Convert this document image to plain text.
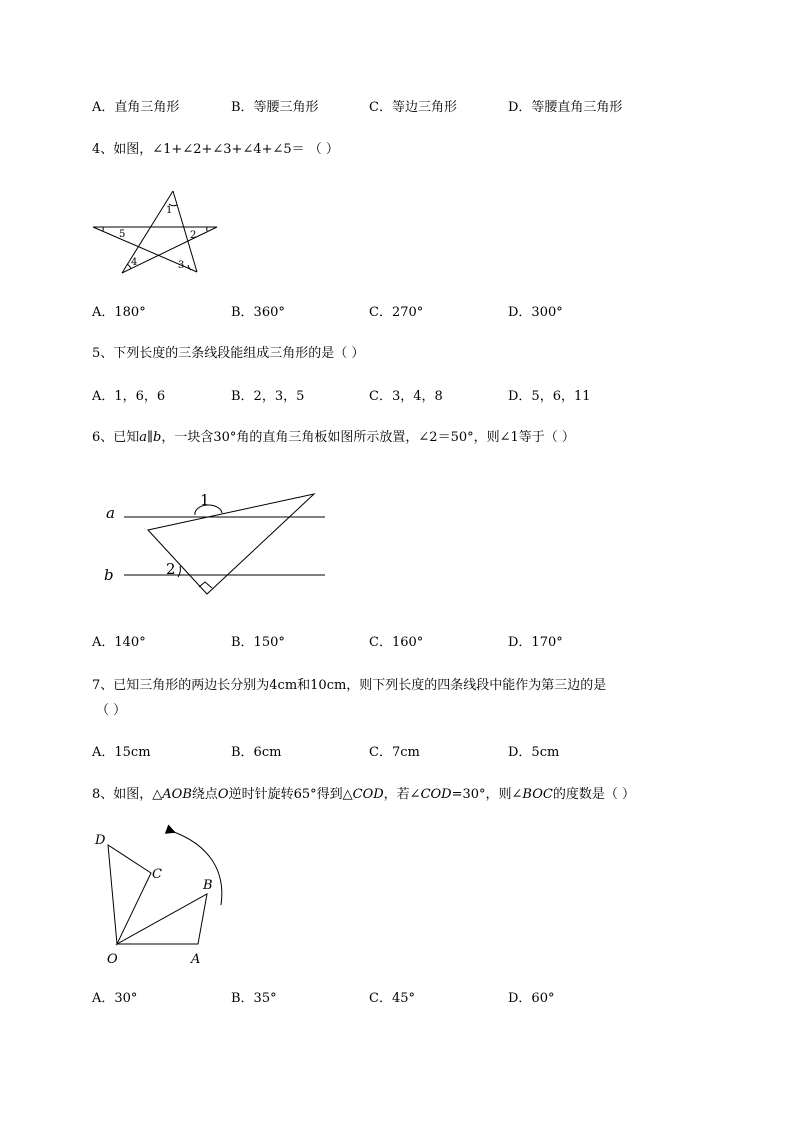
A．直角三角形	B．等腰三角形	C．等边三角形	D．等腰直角三角形
4、如图，∠1+∠2+∠3+∠4+∠5＝ （ ）
1
2
3
4
5
A．180°	B．360°	C．270°	D．300°
5、下列长度的三条线段能组成三角形的是（ ）
A．1，6，6	B．2，3，5	C．3，4，8	D．5，6，11
6、已知a∥b，一块含30°角的直角三角板如图所示放置，∠2＝50°，则∠1等于（ ）
a
b
1
2
A．140°	B．150°	C．160°	D．170°
7、已知三角形的两边长分别为4cm和10cm，则下列长度的四条线段中能作为第三边的是
（ ）
A．15cm	B．6cm	C．7cm	D．5cm
8、如图，△AOB绕点O逆时针旋转65°得到△COD，若∠COD=30°，则∠BOC的度数是（ ）
D
C
B
O	A
A．30°	B．35°	C．45°	D．60°
